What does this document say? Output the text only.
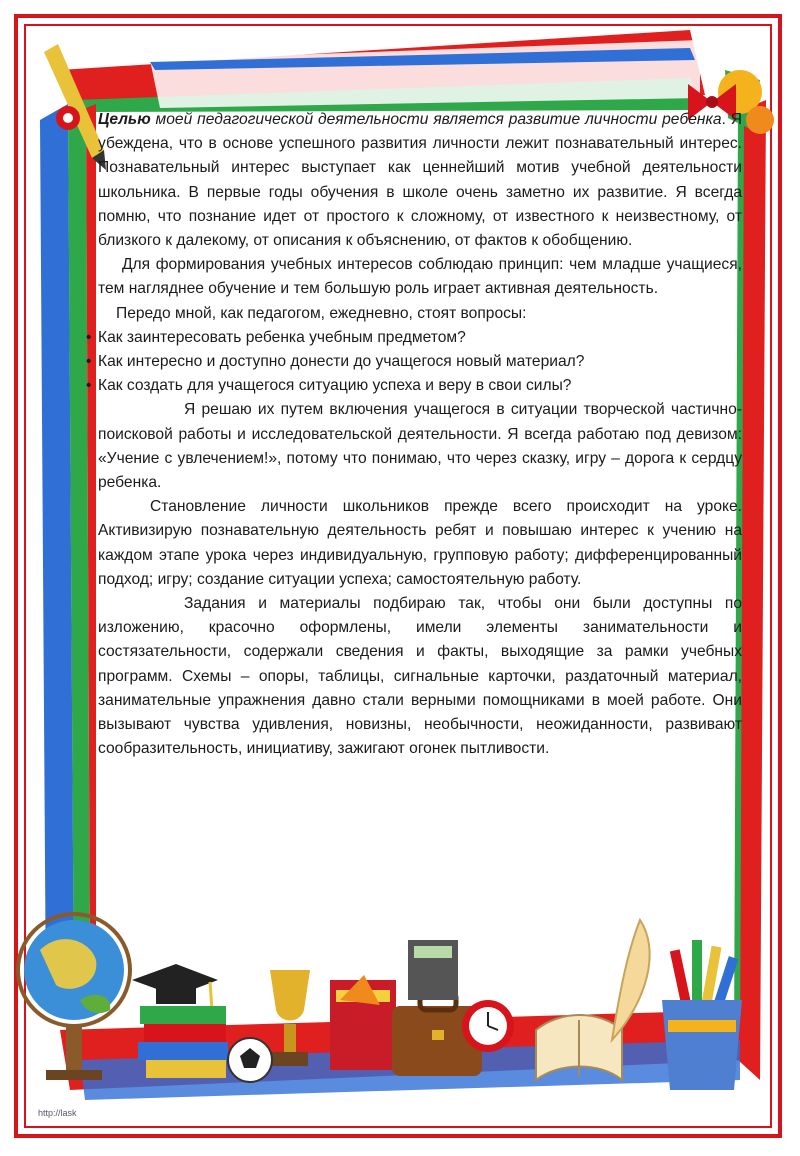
Целью моей педагогической деятельности является развитие личности ребенка. Я убеждена, что в основе успешного развития личности лежит познавательный интерес. Познавательный интерес выступает как ценнейший мотив учебной деятельности школьника. В первые годы обучения в школе очень заметно их развитие. Я всегда помню, что познание идет от простого к сложному, от известного к неизвестному, от близкого к далекому, от описания к объяснению, от фактов к обобщению.

Для формирования учебных интересов соблюдаю принцип: чем младше учащиеся, тем нагляднее обучение и тем большую роль играет активная деятельность.

Передо мной, как педагогом, ежедневно, стоят вопросы:

• Как заинтересовать ребенка учебным предметом?
• Как интересно и доступно донести до учащегося новый материал?
• Как создать для учащегося ситуацию успеха и веру в свои силы?

Я решаю их путем включения учащегося в ситуации творческой частично-поисковой работы и исследовательской деятельности. Я всегда работаю под девизом: «Учение с увлечением!», потому что понимаю, что через сказку, игру – дорога к сердцу ребенка.

Становление личности школьников прежде всего происходит на уроке. Активизирую познавательную деятельность ребят и повышаю интерес к учению на каждом этапе урока через индивидуальную, групповую работу; дифференцированный подход; игру; создание ситуации успеха; самостоятельную работу.

Задания и материалы подбираю так, чтобы они были доступны по изложению, красочно оформлены, имели элементы занимательности и состязательности, содержали сведения и факты, выходящие за рамки учебных программ. Схемы – опоры, таблицы, сигнальные карточки, раздаточный материал, занимательные упражнения давно стали верными помощниками в моей работе. Они вызывают чувства удивления, новизны, необычности, неожиданности, развивают сообразительность, инициативу, зажигают огонек пытливости.

http://lask
